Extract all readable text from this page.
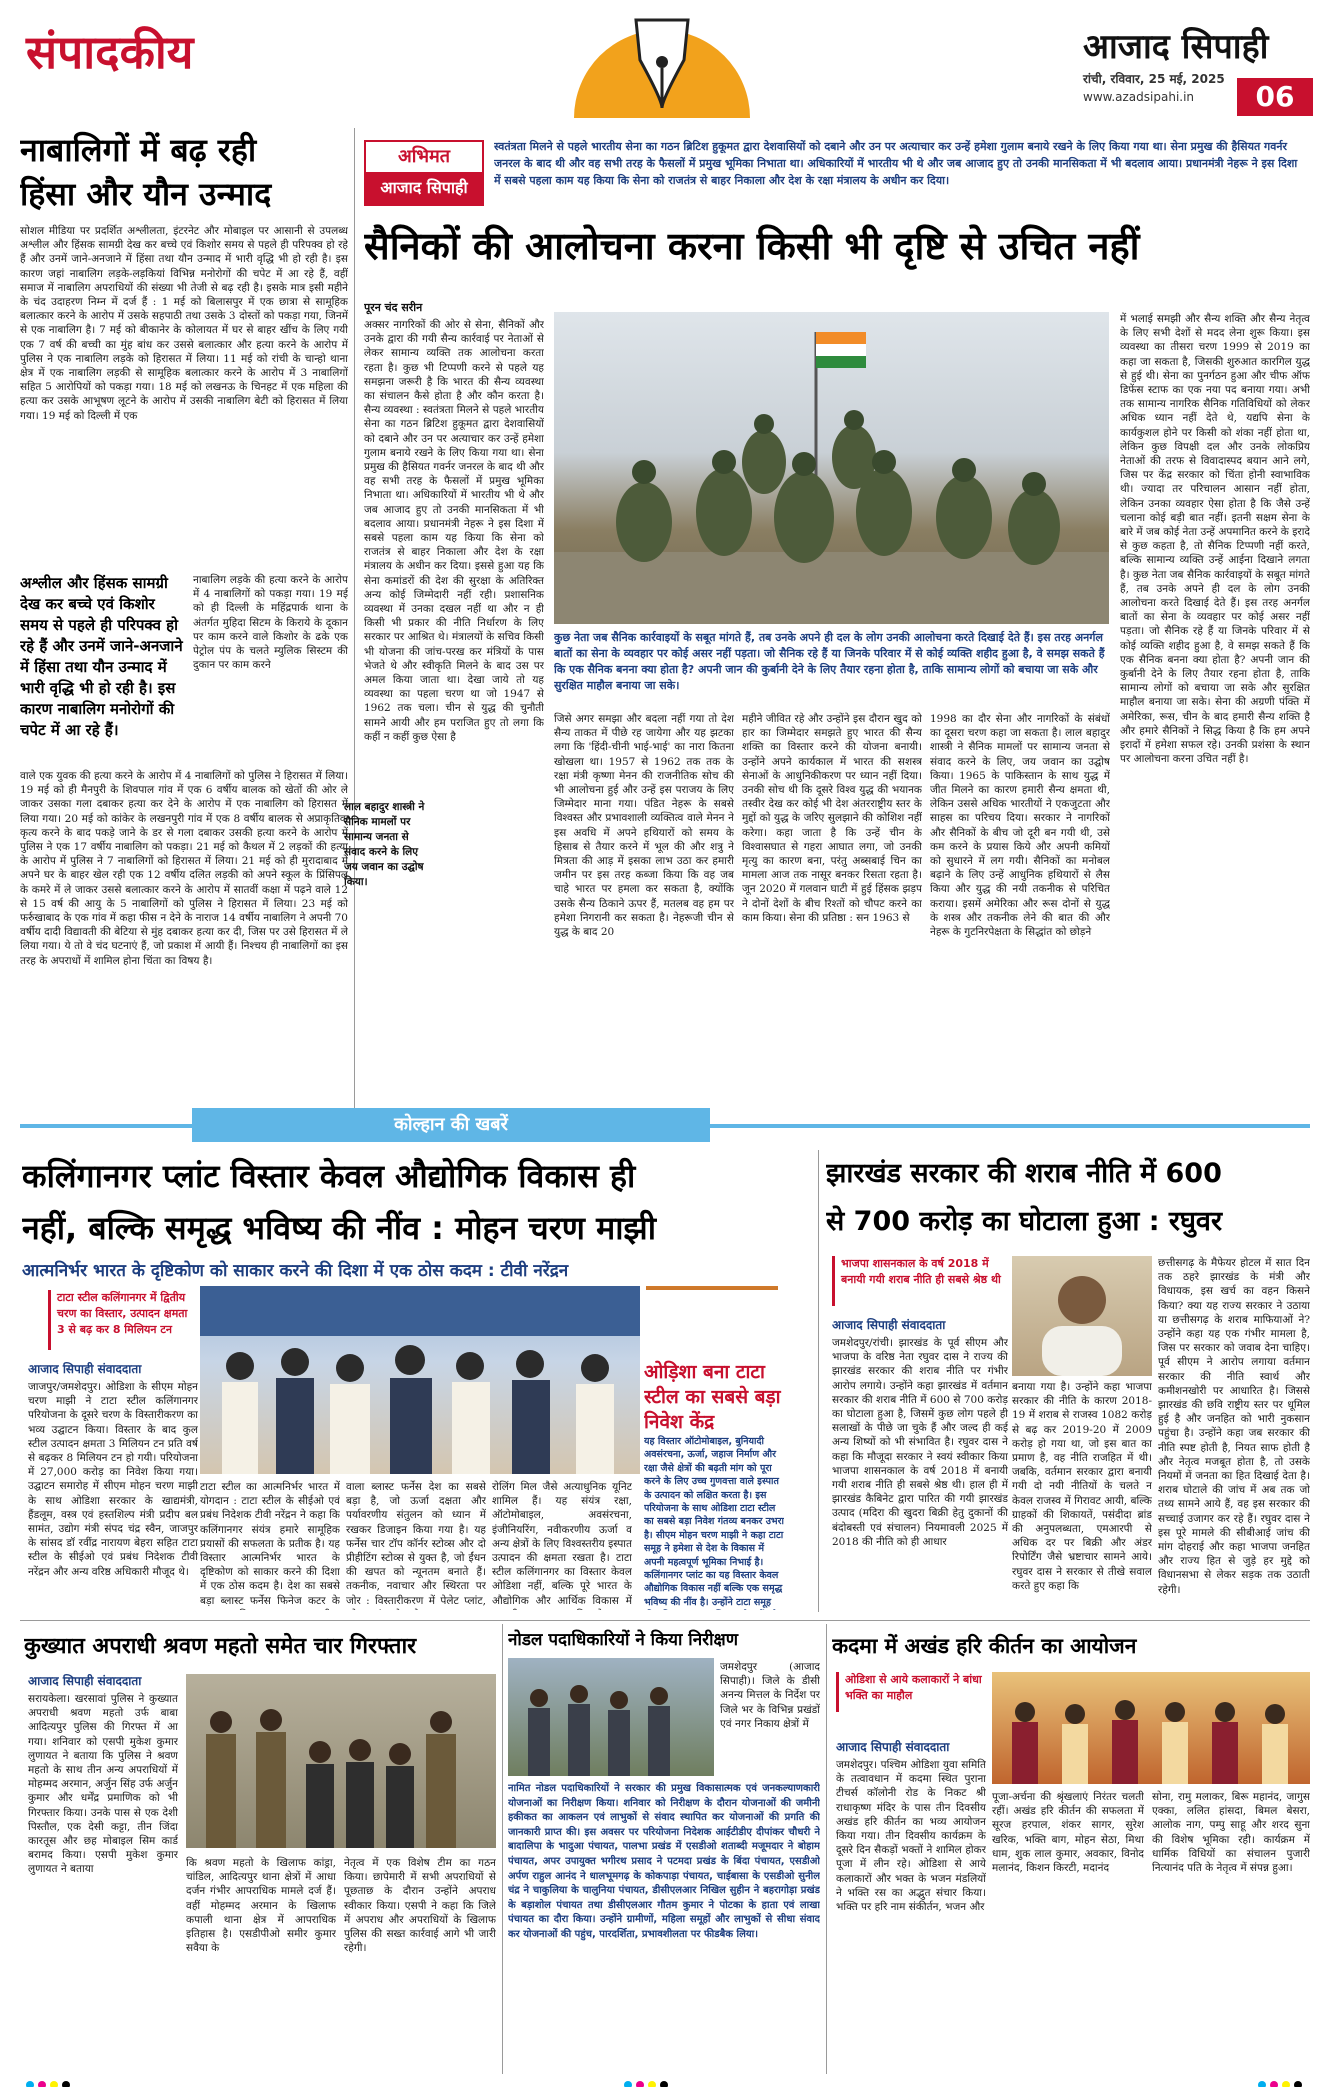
संपादकीय	आजाद सिपाही
रांची, रविवार, 25 मई, 2025
www.azadsipahi.in	06
नाबालिगों में बढ़ रही
हिंसा और यौन उन्माद
सोशल मीडिया पर प्रदर्शित अश्लीलता, इंटरनेट और मोबाइल पर आसानी से उपलब्ध अश्लील और हिंसक सामग्री देख कर बच्चे एवं किशोर समय से पहले ही परिपक्व हो रहे हैं और उनमें जाने-अनजाने में हिंसा तथा यौन उन्माद में भारी वृद्धि भी हो रही है। इस कारण जहां नाबालिग लड़के-लड़कियां विभिन्न मनोरोगों की चपेट में आ रहे हैं, वहीं समाज में नाबालिग अपराधियों की संख्या भी तेजी से बढ़ रही है। इसके मात्र इसी महीने के चंद उदाहरण निम्न में दर्ज हैं : 1 मई को बिलासपुर में एक छात्रा से सामूहिक बलात्कार करने के आरोप में उसके सहपाठी तथा उसके 3 दोस्तों को पकड़ा गया, जिनमें से एक नाबालिग है। 7 मई को बीकानेर के कोलायत में घर से बाहर खींच के लिए गयी एक 7 वर्ष की बच्ची का मुंह बांध कर उससे बलात्कार और हत्या करने के आरोप में पुलिस ने एक नाबालिग लड़के को हिरासत में लिया। 11 मई को रांची के चान्हो थाना क्षेत्र में एक नाबालिग लड़की से सामूहिक बलात्कार करने के आरोप में 3 नाबालिगों सहित 5 आरोपियों को पकड़ा गया। 18 मई को लखनऊ के चिनहट में एक महिला की हत्या कर उसके आभूषण लूटने के आरोप में उसकी नाबालिग बेटी को हिरासत में लिया गया। 19 मई को दिल्ली में एक
अश्लील और हिंसक सामग्री देख कर बच्चे एवं किशोर समय से पहले ही परिपक्व हो रहे हैं और उनमें जाने-अनजाने में हिंसा तथा यौन उन्माद में भारी वृद्धि भी हो रही है। इस कारण नाबालिग मनोरोगों की चपेट में आ रहे हैं।
नाबालिग लड़के की हत्या करने के आरोप में 4 नाबालिगों को पकड़ा गया। 19 मई को ही दिल्ली के महिंद्रपार्क थाना के अंतर्गत मुहिदा सिटम के किराये के दूकान पर काम करने वाले किशोर के ढके एक पेट्रोल पंप के चलते म्युलिक सिस्टम की दुकान पर काम करने
वाले एक युवक की हत्या करने के आरोप में 4 नाबालिगों को पुलिस ने हिरासत में लिया। 19 मई को ही मैनपुरी के शिवपाल गांव में एक 6 वर्षीय बालक को खेतों की ओर ले जाकर उसका गला दबाकर हत्या कर देने के आरोप में एक नाबालिग को हिरासत में लिया गया। 20 मई को कांकेर के लखनपुरी गांव में एक 8 वर्षीय बालक से अप्राकृतिक कृत्य करने के बाद पकड़े जाने के डर से गला दबाकर उसकी हत्या करने के आरोप में पुलिस ने एक 17 वर्षीय नाबालिग को पकड़ा। 21 मई को कैथल में 2 लड़कों की हत्या के आरोप में पुलिस ने 7 नाबालिगों को हिरासत में लिया। 21 मई को ही मुरादाबाद में अपने घर के बाहर खेल रही एक 12 वर्षीय दलित लड़की को अपने स्कूल के प्रिंसिपल के कमरे में ले जाकर उससे बलात्कार करने के आरोप में सातवीं कक्षा में पढ़ने वाले 12 से 15 वर्ष की आयु के 5 नाबालिगों को पुलिस ने हिरासत में लिया। 23 मई को फर्रुखाबाद के एक गांव में कहा फीस न देने के नाराज 14 वर्षीय नाबालिग ने अपनी 70 वर्षीय दादी विद्यावती की बेटिया से मुंह दबाकर हत्या कर दी, जिस पर उसे हिरासत में ले लिया गया। ये तो वे चंद घटनाएं हैं, जो प्रकाश में आयी हैं। निश्चय ही नाबालिगों का इस तरह के अपराधों में शामिल होना चिंता का विषय है।
अभिमत
आजाद सिपाही
स्वतंत्रता मिलने से पहले भारतीय सेना का गठन ब्रिटिश हुकूमत द्वारा देशवासियों को दबाने और उन पर अत्याचार कर उन्हें हमेशा गुलाम बनाये रखने के लिए किया गया था। सेना प्रमुख की हैसियत गवर्नर जनरल के बाद थी और वह सभी तरह के फैसलों में प्रमुख भूमिका निभाता था। अधिकारियों में भारतीय भी थे और जब आजाद हुए तो उनकी मानसिकता में भी बदलाव आया। प्रधानमंत्री नेहरू ने इस दिशा में सबसे पहला काम यह किया कि सेना को राजतंत्र से बाहर निकाला और देश के रक्षा मंत्रालय के अधीन कर दिया।
सैनिकों की आलोचना करना किसी भी दृष्टि से उचित नहीं
पूरन चंद सरीन
अक्सर नागरिकों की ओर से सेना, सैनिकों और उनके द्वारा की गयी सैन्य कार्रवाई पर नेताओं से लेकर सामान्य व्यक्ति तक आलोचना करता रहता है। कुछ भी टिप्पणी करने से पहले यह समझना जरूरी है कि भारत की सैन्य व्यवस्था का संचालन कैसे होता है और कौन करता है। सैन्य व्यवस्था : स्वतंत्रता मिलने से पहले भारतीय सेना का गठन ब्रिटिश हुकूमत द्वारा देशवासियों को दबाने और उन पर अत्याचार कर उन्हें हमेशा गुलाम बनाये रखने के लिए किया गया था। सेना प्रमुख की हैसियत गवर्नर जनरल के बाद थी और वह सभी तरह के फैसलों में प्रमुख भूमिका निभाता था। अधिकारियों में भारतीय भी थे और जब आजाद हुए तो उनकी मानसिकता में भी बदलाव आया। प्रधानमंत्री नेहरू ने इस दिशा में सबसे पहला काम यह किया कि सेना को राजतंत्र से बाहर निकाला और देश के रक्षा मंत्रालय के अधीन कर दिया। इससे हुआ यह कि सेना कमांडरों की देश की सुरक्षा के अतिरिक्त अन्य कोई जिम्मेदारी नहीं रही। प्रशासनिक व्यवस्था में उनका दखल नहीं था और न ही किसी भी प्रकार की नीति निर्धारण के लिए सरकार पर आश्रित थे। मंत्रालयों के सचिव किसी भी योजना की जांच-परख कर मंत्रियों के पास भेजते थे और स्वीकृति मिलने के बाद उस पर अमल किया जाता था। देखा जाये तो यह व्यवस्था का पहला चरण था जो 1947 से 1962 तक चला। चीन से युद्ध की चुनौती सामने आयी और हम पराजित हुए तो लगा कि कहीं न कहीं कुछ ऐसा है
कुछ नेता जब सैनिक कार्रवाइयों के सबूत मांगते हैं, तब उनके अपने ही दल के लोग उनकी आलोचना करते दिखाई देते हैं। इस तरह अनर्गल बातों का सेना के व्यवहार पर कोई असर नहीं पड़ता। जो सैनिक रहे हैं या जिनके परिवार में से कोई व्यक्ति शहीद हुआ है, वे समझ सकते हैं कि एक सैनिक बनना क्या होता है? अपनी जान की कुर्बानी देने के लिए तैयार रहना होता है, ताकि सामान्य लोगों को बचाया जा सके और सुरक्षित माहौल बनाया जा सके।
लाल बहादुर शास्त्री ने सैनिक मामलों पर सामान्य जनता से संवाद करने के लिए जय जवान का उद्घोष किया।
जिसे अगर समझा और बदला नहीं गया तो देश सैन्य ताकत में पीछे रह जायेगा और यह झटका लगा कि 'हिंदी-चीनी भाई-भाई' का नारा कितना खोखला था। 1957 से 1962 तक तक के रक्षा मंत्री कृष्णा मेनन की राजनीतिक सोच की भी आलोचना हुई और उन्हें इस पराजय के लिए जिम्मेदार माना गया। पंडित नेहरू के सबसे विश्वस्त और प्रभावशाली व्यक्तित्व वाले मेनन ने इस अवधि में अपने हथियारों को समय के हिसाब से तैयार करने में भूल की और शत्रु ने मित्रता की आड़ में इसका लाभ उठा कर हमारी जमीन पर इस तरह कब्जा किया कि वह जब चाहे भारत पर हमला कर सकता है, क्योंकि उसके सैन्य ठिकाने ऊपर हैं, मतलब वह हम पर हमेशा निगरानी कर सकता है। नेहरूजी चीन से युद्ध के बाद 20
महीने जीवित रहे और उन्होंने इस दौरान खुद को हार का जिम्मेदार समझते हुए भारत की सैन्य शक्ति का विस्तार करने की योजना बनायी। उन्होंने अपने कार्यकाल में भारत की सशस्त्र सेनाओं के आधुनिकीकरण पर ध्यान नहीं दिया। उनकी सोच थी कि दूसरे विश्व युद्ध की भयानक तस्वीर देख कर कोई भी देश अंतरराष्ट्रीय स्तर के मुद्दों को युद्ध के जरिए सुलझाने की कोशिश नहीं करेगा। कहा जाता है कि उन्हें चीन के विश्वासघात से गहरा आघात लगा, जो उनकी मृत्यु का कारण बना, परंतु अब्सबाई चिन का मामला आज तक नासूर बनकर रिसता रहता है। जून 2020 में गलवान घाटी में हुई हिंसक झड़प ने दोनों देशों के बीच रिश्तों को चौपट करने का काम किया। सेना की प्रतिष्ठा : सन 1963 से
1998 का दौर सेना और नागरिकों के संबंधों का दूसरा चरण कहा जा सकता है। लाल बहादुर शास्त्री ने सैनिक मामलों पर सामान्य जनता से संवाद करने के लिए, जय जवान का उद्घोष किया। 1965 के पाकिस्तान के साथ युद्ध में जीत मिलने का कारण हमारी सैन्य क्षमता थी, लेकिन उससे अधिक भारतीयों ने एकजुटता और साहस का परिचय दिया। सरकार ने नागरिकों और सैनिकों के बीच जो दूरी बन गयी थी, उसे कम करने के प्रयास किये और अपनी कमियों को सुधारने में लग गयी। सैनिकों का मनोबल बढ़ाने के लिए उन्हें आधुनिक हथियारों से लैस किया और युद्ध की नयी तकनीक से परिचित कराया। इसमें अमेरिका और रूस दोनों से युद्ध के शस्त्र और तकनीक लेने की बात की और नेहरू के गुटनिरपेक्षता के सिद्धांत को छोड़ने
में भलाई समझी और सैन्य शक्ति और सैन्य नेतृत्व के लिए सभी देशों से मदद लेना शुरू किया। इस व्यवस्था का तीसरा चरण 1999 से 2019 का कहा जा सकता है, जिसकी शुरुआत कारगिल युद्ध से हुई थी। सेना का पुनर्गठन हुआ और चीफ ऑफ डिफेंस स्टाफ का एक नया पद बनाया गया। अभी तक सामान्य नागरिक सैनिक गतिविधियों को लेकर अधिक ध्यान नहीं देते थे, यद्यपि सेना के कार्यकुशल होने पर किसी को शंका नहीं होता था, लेकिन कुछ विपक्षी दल और उनके लोकप्रिय नेताओं की तरफ से विवादास्पद बयान आने लगे, जिस पर केंद्र सरकार को चिंता होनी स्वाभाविक थी। ज्यादा तर परिचालन आसान नहीं होता, लेकिन उनका व्यवहार ऐसा होता है कि जैसे उन्हें चलाना कोई बड़ी बात नहीं। इतनी सक्षम सेना के बारे में जब कोई नेता उन्हें अपमानित करने के इरादे से कुछ कहता है, तो सैनिक टिप्पणी नहीं करते, बल्कि सामान्य व्यक्ति उन्हें आईना दिखाने लगता है। कुछ नेता जब सैनिक कार्रवाइयों के सबूत मांगते हैं, तब उनके अपने ही दल के लोग उनकी आलोचना करते दिखाई देते हैं। इस तरह अनर्गल बातों का सेना के व्यवहार पर कोई असर नहीं पड़ता। जो सैनिक रहे हैं या जिनके परिवार में से कोई व्यक्ति शहीद हुआ है, वे समझ सकते हैं कि एक सैनिक बनना क्या होता है? अपनी जान की कुर्बानी देने के लिए तैयार रहना होता है, ताकि सामान्य लोगों को बचाया जा सके और सुरक्षित माहौल बनाया जा सके। सेना की अग्रणी पंक्ति में अमेरिका, रूस, चीन के बाद हमारी सैन्य शक्ति है और हमारे सैनिकों ने सिद्ध किया है कि हम अपने इरादों में हमेशा सफल रहे। उनकी प्रशंसा के स्थान पर आलोचना करना उचित नहीं है।
कोल्हान की खबरें
कलिंगानगर प्लांट विस्तार केवल औद्योगिक विकास ही
नहीं, बल्कि समृद्ध भविष्य की नींव : मोहन चरण माझी
आत्मनिर्भर भारत के दृष्टिकोण को साकार करने की दिशा में एक ठोस कदम : टीवी नरेंद्रन
टाटा स्टील कलिंगानगर में द्वितीय चरण का विस्तार, उत्पादन क्षमता 3 से बढ़ कर 8 मिलियन टन
आजाद सिपाही संवाददाता
जाजपुर/जमशेदपुर। ओडिशा के सीएम मोहन चरण माझी ने टाटा स्टील कलिंगानगर परियोजना के दूसरे चरण के विस्तारीकरण का भव्य उद्घाटन किया। विस्तार के बाद कुल स्टील उत्पादन क्षमता 3 मिलियन टन प्रति वर्ष से बढ़कर 8 मिलियन टन हो गयी। परियोजना में 27,000 करोड़ का निवेश किया गया। उद्घाटन समारोह में सीएम मोहन चरण माझी के साथ ओडिशा सरकार के खाद्यमंत्री, हैंडलूम, वस्त्र एवं हस्तशिल्प मंत्री प्रदीप बल सामंत, उद्योग मंत्री संपद चंद्र स्वैन, जाजपुर के सांसद डॉ रवींद्र नारायण बेहरा सहित टाटा स्टील के सीईओ एवं प्रबंध निदेशक टीवी नरेंद्रन और अन्य वरिष्ठ अधिकारी मौजूद थे।
टाटा स्टील का आत्मनिर्भर भारत में योगदान : टाटा स्टील के सीईओ एवं प्रबंध निदेशक टीवी नरेंद्रन ने कहा कि कलिंगानगर संयंत्र हमारे सामूहिक प्रयासों की सफलता के प्रतीक है। यह विस्तार आत्मनिर्भर भारत के दृष्टिकोण को साकार करने की दिशा में एक ठोस कदम है। देश का सबसे बड़ा ब्लास्ट फर्नेस फिनेज कटर के
वाला ब्लास्ट फर्नेस देश का सबसे बड़ा है, जो ऊर्जा दक्षता और पर्यावरणीय संतुलन को ध्यान में रखकर डिजाइन किया गया है। यह फर्नेस चार टॉप कॉर्नर स्टोव्स और दो प्रीहीटिंग स्टोव्स से युक्त है, जो ईंधन की खपत को न्यूनतम बनाते हैं। तकनीक, नवाचार और स्थिरता पर जोर : विस्तारीकरण में पेलेट प्लांट,
रोलिंग मिल जैसे अत्याधुनिक यूनिट शामिल हैं। यह संयंत्र रक्षा, ऑटोमोबाइल, अवसंरचना, इंजीनियरिंग, नवीकरणीय ऊर्जा व अन्य क्षेत्रों के लिए विश्वस्तरीय इस्पात उत्पादन की क्षमता रखता है। टाटा स्टील कलिंगानगर का विस्तार केवल ओडिशा नहीं, बल्कि पूरे भारत के औद्योगिक और आर्थिक विकास में
ओड़िशा बना टाटा स्टील का सबसे बड़ा निवेश केंद्र
यह विस्तार ऑटोमोबाइल, बुनियादी अवसंरचना, ऊर्जा, जहाज निर्माण और रक्षा जैसे क्षेत्रों की बढ़ती मांग को पूरा करने के लिए उच्च गुणवत्ता वाले इस्पात के उत्पादन को लक्षित करता है। इस परियोजना के साथ ओडिशा टाटा स्टील का सबसे बड़ा निवेश गंतव्य बनकर उभरा है। सीएम मोहन चरण माझी ने कहा टाटा समूह ने हमेशा से देश के विकास में अपनी महत्वपूर्ण भूमिका निभाई है। कलिंगानगर प्लांट का यह विस्तार केवल औद्योगिक विकास नहीं बल्कि एक समृद्ध भविष्य की नींव है। उन्होंने टाटा समूह
झारखंड सरकार की शराब नीति में 600
से 700 करोड़ का घोटाला हुआ : रघुवर
भाजपा शासनकाल के वर्ष 2018 में बनायी गयी शराब नीति ही सबसे श्रेष्ठ थी
आजाद सिपाही संवाददाता
जमशेदपुर/रांची। झारखंड के पूर्व सीएम और भाजपा के वरिष्ठ नेता रघुवर दास ने राज्य की झारखंड सरकार की शराब नीति पर गंभीर आरोप लगाये। उन्होंने कहा झारखंड में वर्तमान सरकार की शराब नीति में 600 से 700 करोड़ का घोटाला हुआ है, जिसमें कुछ लोग पहले ही सलाखों के पीछे जा चुके हैं और जल्द ही कई अन्य शिष्यों को भी संभावित है। रघुवर दास ने कहा कि मौजूदा सरकार ने स्वयं स्वीकार किया भाजपा शासनकाल के वर्ष 2018 में बनायी गयी शराब नीति ही सबसे श्रेष्ठ थी। हाल ही में झारखंड कैबिनेट द्वारा पारित की गयी झारखंड उत्पाद (मदिरा की खुदरा बिक्री हेतु दुकानों की बंदोबस्ती एवं संचालन) नियमावली 2025 में 2018 की नीति को ही आधार
बनाया गया है। उन्होंने कहा भाजपा सरकार की नीति के कारण 2018-19 में शराब से राजस्व 1082 करोड़ से बढ़ कर 2019-20 में 2009 करोड़ हो गया था, जो इस बात का प्रमाण है, वह नीति राजहित में थी। जबकि, वर्तमान सरकार द्वारा बनायी गयी दो नयी नीतियों के चलते न केवल राजस्व में गिरावट आयी, बल्कि ग्राहकों की शिकायतें, पसंदीदा ब्रांड की अनुपलब्धता, एमआरपी से अधिक दर पर बिक्री और अंडर रिपोर्टिंग जैसे भ्रष्टाचार सामने आये। रघुवर दास ने सरकार से तीखे सवाल करते हुए कहा कि
छत्तीसगढ़ के मैफेयर होटल में सात दिन तक ठहरे झारखंड के मंत्री और विधायक, इस खर्च का वहन किसने किया? क्या यह राज्य सरकार ने उठाया या छत्तीसगढ़ के शराब माफियाओं ने? उन्होंने कहा यह एक गंभीर मामला है, जिस पर सरकार को जवाब देना चाहिए। पूर्व सीएम ने आरोप लगाया वर्तमान सरकार की नीति स्वार्थ और कमीशनखोरी पर आधारित है। जिससे झारखंड की छवि राष्ट्रीय स्तर पर धूमिल हुई है और जनहित को भारी नुकसान पहुंचा है। उन्होंने कहा जब सरकार की नीति स्पष्ट होती है, नियत साफ होती है और नेतृत्व मजबूत होता है, तो उसके नियमों में जनता का हित दिखाई देता है। शराब घोटाले की जांच में अब तक जो तथ्य सामने आये हैं, वह इस सरकार की सच्चाई उजागर कर रहे हैं। रघुवर दास ने इस पूरे मामले की सीबीआई जांच की मांग दोहराई और कहा भाजपा जनहित और राज्य हित से जुड़े हर मुद्दे को विधानसभा से लेकर सड़क तक उठाती रहेगी।
कुख्यात अपराधी श्रवण महतो समेत चार गिरफ्तार
आजाद सिपाही संवाददाता
सरायकेला। खरसावां पुलिस ने कुख्यात अपराधी श्रवण महतो उर्फ बाबा आदित्यपुर पुलिस की गिरफ्त में आ गया। शनिवार को एसपी मुकेश कुमार लुणायत ने बताया कि पुलिस ने श्रवण महतो के साथ तीन अन्य अपराधियों में मोहम्मद अरमान, अर्जुन सिंह उर्फ अर्जुन कुमार और धर्मेंद्र प्रमाणिक को भी गिरफ्तार किया। उनके पास से एक देशी पिस्तौल, एक देसी कट्टा, तीन जिंदा कारतूस और छह मोबाइल सिम कार्ड बरामद किया। एसपी मुकेश कुमार लुणायत ने बताया
कि श्रवण महतो के खिलाफ कांड्रा, चांडिल, आदित्यपुर थाना क्षेत्रों में आधा दर्जन गंभीर आपराधिक मामले दर्ज हैं। वहीं मोहम्मद अरमान के खिलाफ कपाली थाना क्षेत्र में आपराधिक इतिहास है। एसडीपीओ समीर कुमार सवैया के
नेतृत्व में एक विशेष टीम का गठन किया। छापेमारी में सभी अपराधियों से पूछताछ के दौरान उन्होंने अपराध स्वीकार किया। एसपी ने कहा कि जिले में अपराध और अपराधियों के खिलाफ पुलिस की सख्त कार्रवाई आगे भी जारी रहेगी।
नोडल पदाधिकारियों ने किया निरीक्षण
जमशेदपुर (आजाद सिपाही)। जिले के डीसी अनन्य मित्तल के निर्देश पर जिले भर के विभिन्न प्रखंडों एवं नगर निकाय क्षेत्रों में
नामित नोडल पदाधिकारियों ने सरकार की प्रमुख विकासात्मक एवं जनकल्याणकारी योजनाओं का निरीक्षण किया। शनिवार को निरीक्षण के दौरान योजनाओं की जमीनी हकीकत का आकलन एवं लाभुकों से संवाद स्थापित कर योजनाओं की प्रगति की जानकारी प्राप्त की। इस अवसर पर परियोजना निदेशक आईटीडीए दीपांकर चौधरी ने बादालिपा के भादुआ पंचायत, पालभा प्रखंड में एसडीओ शताब्दी मजूमदार ने बोहाम पंचायत, अपर उपायुक्त भगीरथ प्रसाद ने पटमदा प्रखंड के बिंदा पंचायत, एसडीओ अर्पण राहुल आनंद ने धालभूमगढ़ के कोकपाड़ा पंचायत, चाईबासा के एसडीओ सुनील चंद्र ने चाकुलिया के चालुनिया पंचायत, डीसीएलआर निखिल सुहीन ने बहरागोड़ा प्रखंड के बड़ाशोल पंचायत तथा डीसीएलआर गौतम कुमार ने पोटका के हाता एवं लाखा पंचायत का दौरा किया। उन्होंने ग्रामीणों, महिला समूहों और लाभुकों से सीधा संवाद कर योजनाओं की पहुंच, पारदर्शिता, प्रभावशीलता पर फीडबैक लिया।
कदमा में अखंड हरि कीर्तन का आयोजन
ओडिशा से आये कलाकारों ने बांधा भक्ति का माहौल
आजाद सिपाही संवाददाता
जमशेदपुर। पश्चिम ओडिशा युवा समिति के तत्वावधान में कदमा स्थित पुराना टीचर्स कॉलोनी रोड के निकट श्री राधाकृष्ण मंदिर के पास तीन दिवसीय अखंड हरि कीर्तन का भव्य आयोजन किया गया। तीन दिवसीय कार्यक्रम के दूसरे दिन सैकड़ों भक्तों ने शामिल होकर पूजा में लीन रहे। ओडिशा से आये कलाकारों और भक्त के भजन मंडलियों ने भक्ति रस का अद्भुत संचार किया। भक्ति पर हरि नाम संकीर्तन, भजन और
पूजा-अर्चना की श्रृंखलाएं निरंतर चलती रहीं। अखंड हरि कीर्तन की सफलता में सूरज हरपाल, शंकर सागर, सुरेश खरिक, भक्ति बाग, मोहन सेठा, मिथा धाम, शुक लाल कुमार, अवकार, विनोद मलानंद, किशन किरटी, मदानंद
सोना, रामु मलाकर, बिरू महानंद, जागुस एक्का, ललित हांसदा, बिमल बेसरा, आलोक नाग, पम्पु साहू और शरद सुना की विशेष भूमिका रही। कार्यक्रम में धार्मिक विधियों का संचालन पुजारी नित्यानंद पति के नेतृत्व में संपन्न हुआ।
